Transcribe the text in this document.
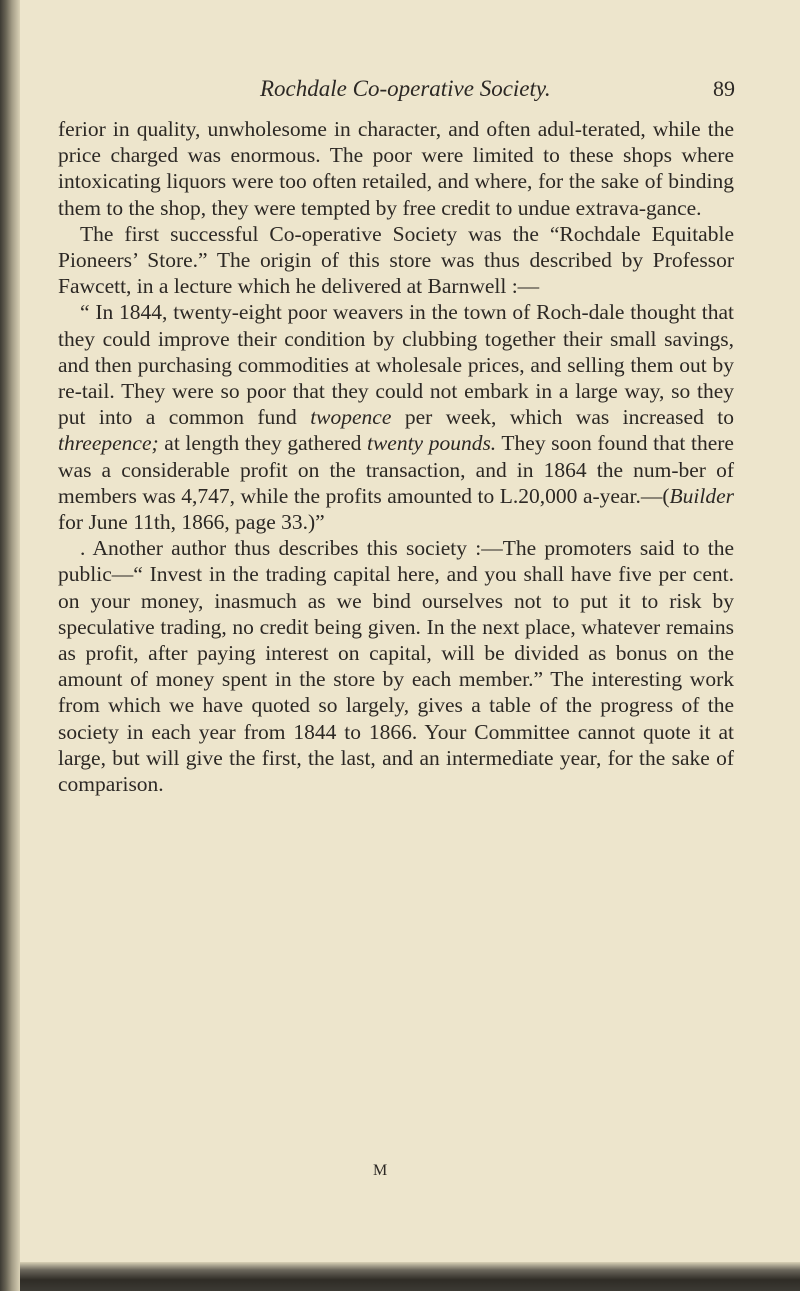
Rochdale Co-operative Society.	89

ferior in quality, unwholesome in character, and often adul-terated, while the price charged was enormous. The poor were limited to these shops where intoxicating liquors were too often retailed, and where, for the sake of binding them to the shop, they were tempted by free credit to undue extrava-gance.

The first successful Co-operative Society was the “Rochdale Equitable Pioneers’ Store.” The origin of this store was thus described by Professor Fawcett, in a lecture which he delivered at Barnwell :—

“ In 1844, twenty-eight poor weavers in the town of Roch-dale thought that they could improve their condition by clubbing together their small savings, and then purchasing commodities at wholesale prices, and selling them out by re-tail. They were so poor that they could not embark in a large way, so they put into a common fund twopence per week, which was increased to threepence; at length they gathered twenty pounds. They soon found that there was a considerable profit on the transaction, and in 1864 the num-ber of members was 4,747, while the profits amounted to L.20,000 a-year.—(Builder for June 11th, 1866, page 33.)”

. Another author thus describes this society :—The promoters said to the public—“ Invest in the trading capital here, and you shall have five per cent. on your money, inasmuch as we bind ourselves not to put it to risk by speculative trading, no credit being given. In the next place, whatever remains as profit, after paying interest on capital, will be divided as bonus on the amount of money spent in the store by each member.” The interesting work from which we have quoted so largely, gives a table of the progress of the society in each year from 1844 to 1866. Your Committee cannot quote it at large, but will give the first, the last, and an intermediate year, for the sake of comparison.

M
